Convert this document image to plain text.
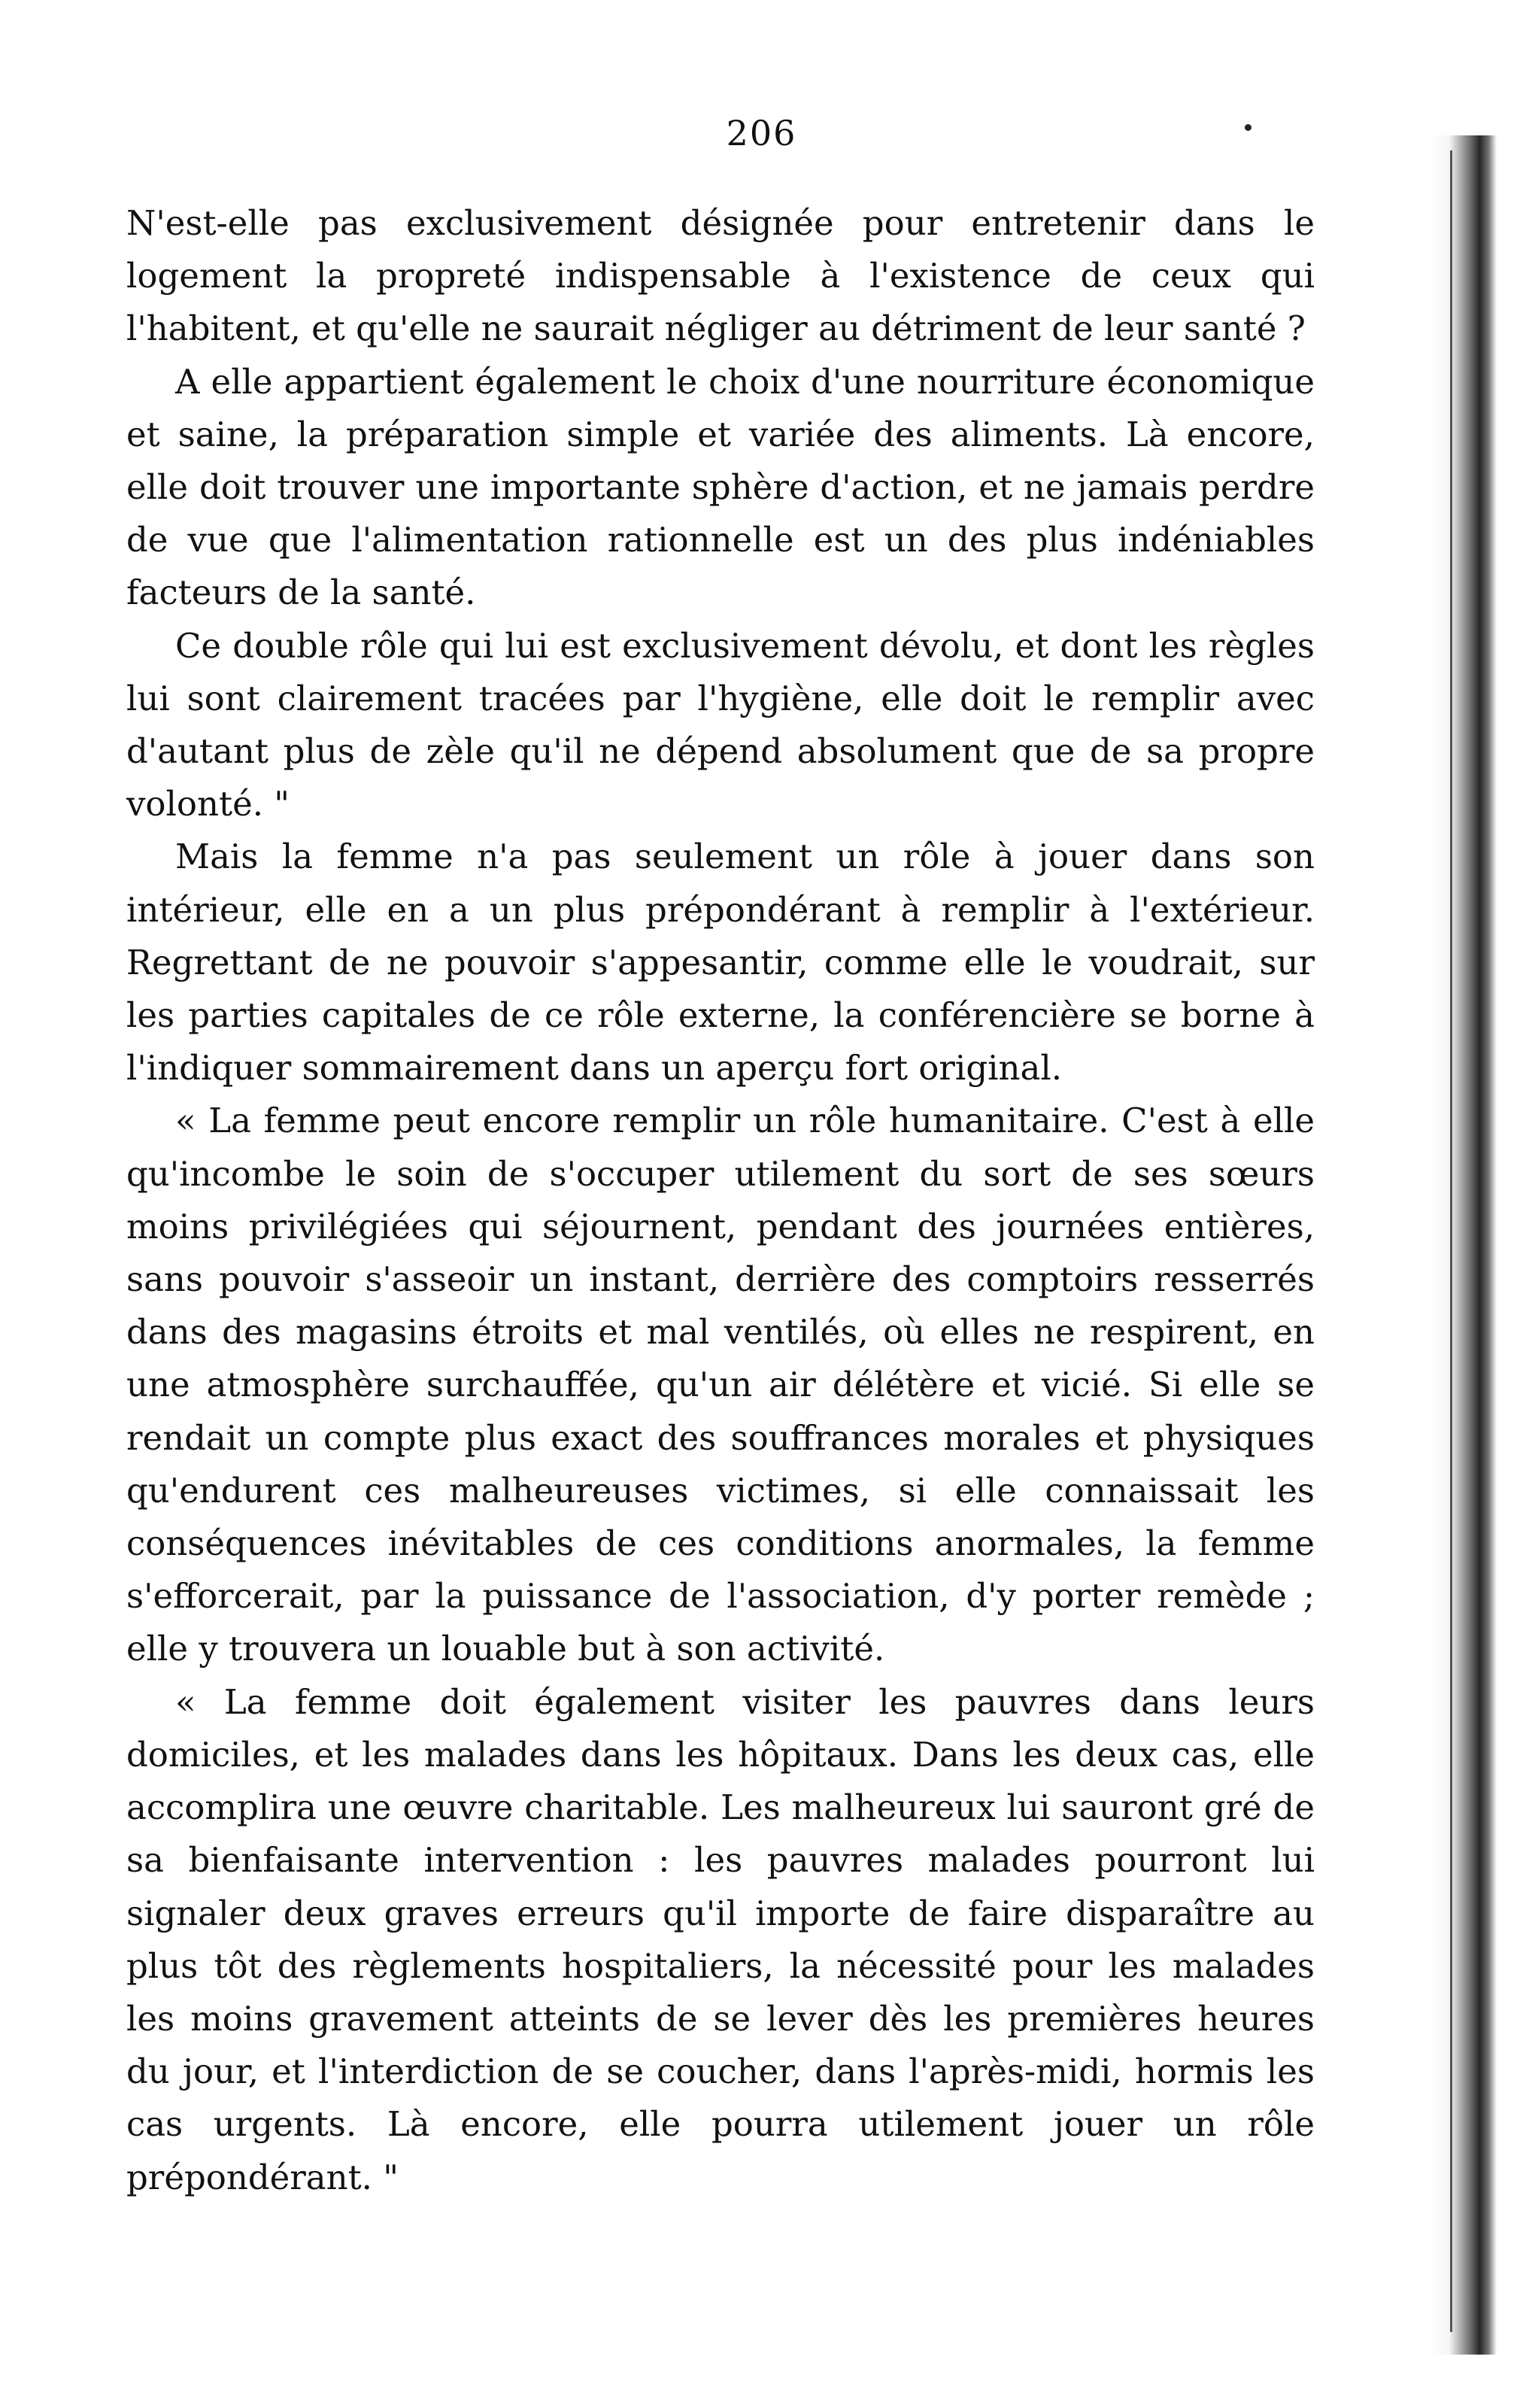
206

N'est-elle pas exclusivement désignée pour entretenir dans le logement la propreté indispensable à l'existence de ceux qui l'habitent, et qu'elle ne saurait négliger au détriment de leur santé ?

A elle appartient également le choix d'une nourriture économique et saine, la préparation simple et variée des aliments. Là encore, elle doit trouver une importante sphère d'action, et ne jamais perdre de vue que l'alimentation rationnelle est un des plus indéniables facteurs de la santé.

Ce double rôle qui lui est exclusivement dévolu, et dont les règles lui sont clairement tracées par l'hygiène, elle doit le remplir avec d'autant plus de zèle qu'il ne dépend absolument que de sa propre volonté. "

Mais la femme n'a pas seulement un rôle à jouer dans son intérieur, elle en a un plus prépondérant à remplir à l'extérieur. Regrettant de ne pouvoir s'appesantir, comme elle le voudrait, sur les parties capitales de ce rôle externe, la conférencière se borne à l'indiquer sommairement dans un aperçu fort original.

« La femme peut encore remplir un rôle humanitaire. C'est à elle qu'incombe le soin de s'occuper utilement du sort de ses sœurs moins privilégiées qui séjournent, pendant des journées entières, sans pouvoir s'asseoir un instant, derrière des comptoirs resserrés dans des magasins étroits et mal ventilés, où elles ne respirent, en une atmosphère surchauffée, qu'un air délétère et vicié. Si elle se rendait un compte plus exact des souffrances morales et physiques qu'endurent ces malheureuses victimes, si elle connaissait les conséquences inévitables de ces conditions anormales, la femme s'efforcerait, par la puissance de l'association, d'y porter remède ; elle y trouvera un louable but à son activité.

« La femme doit également visiter les pauvres dans leurs domiciles, et les malades dans les hôpitaux. Dans les deux cas, elle accomplira une œuvre charitable. Les malheureux lui sauront gré de sa bienfaisante intervention : les pauvres malades pourront lui signaler deux graves erreurs qu'il importe de faire disparaître au plus tôt des règlements hospitaliers, la nécessité pour les malades les moins gravement atteints de se lever dès les premières heures du jour, et l'interdiction de se coucher, dans l'après-midi, hormis les cas urgents. Là encore, elle pourra utilement jouer un rôle prépondérant. "
